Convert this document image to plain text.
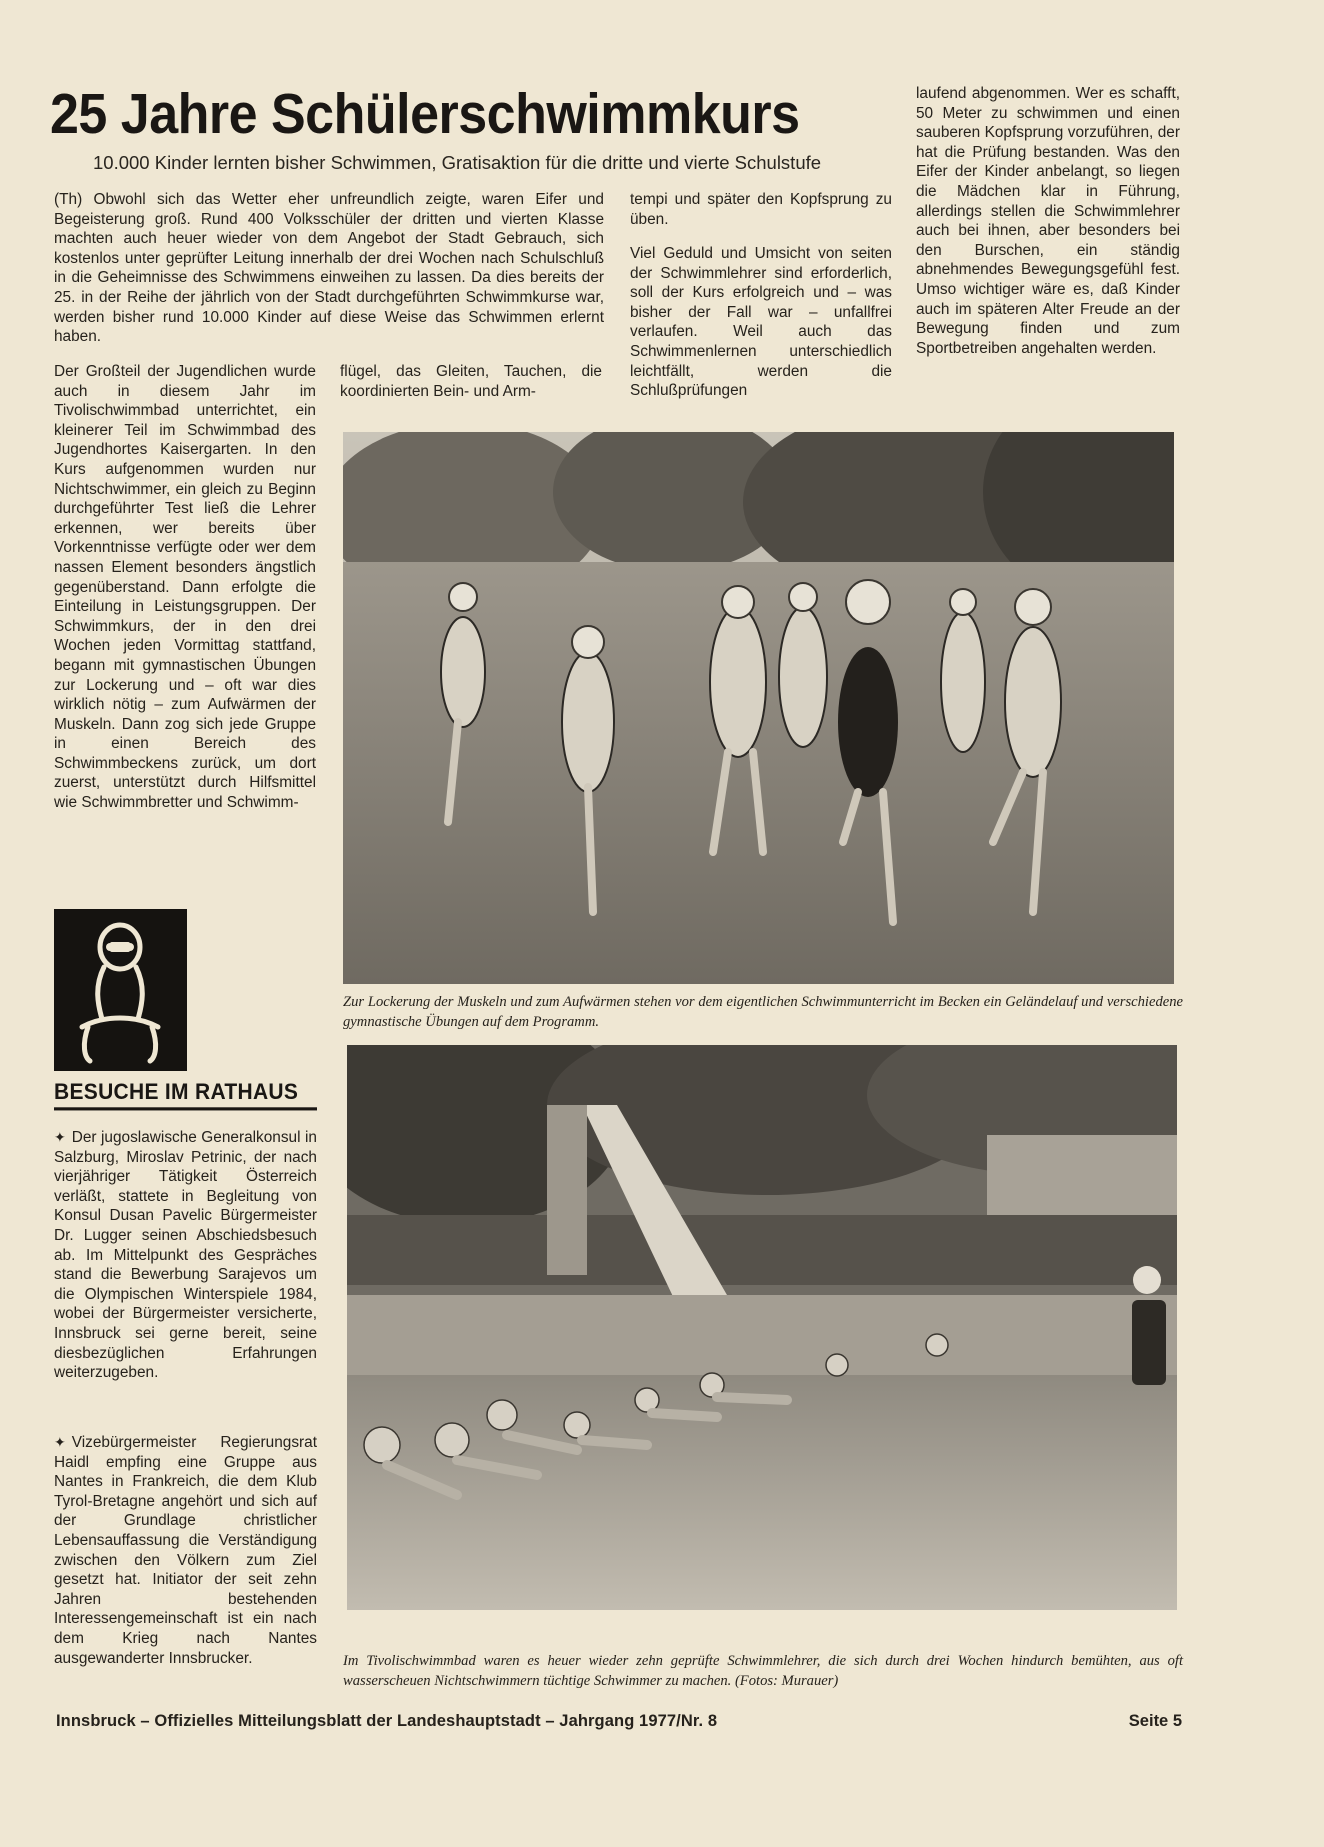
25 Jahre Schülerschwimmkurs

10.000 Kinder lernten bisher Schwimmen, Gratisaktion für die dritte und vierte Schulstufe

(Th) Obwohl sich das Wetter eher unfreundlich zeigte, waren Eifer und Begeisterung groß. Rund 400 Volksschüler der dritten und vierten Klasse machten auch heuer wieder von dem Angebot der Stadt Gebrauch, sich kostenlos unter geprüfter Leitung innerhalb der drei Wochen nach Schulschluß in die Geheimnisse des Schwimmens einweihen zu lassen. Da dies bereits der 25. in der Reihe der jährlich von der Stadt durchgeführten Schwimmkurse war, werden bisher rund 10.000 Kinder auf diese Weise das Schwimmen erlernt haben.

Der Großteil der Jugendlichen wurde auch in diesem Jahr im Tivolischwimmbad unterrichtet, ein kleinerer Teil im Schwimmbad des Jugendhortes Kaisergarten. In den Kurs aufgenommen wurden nur Nichtschwimmer, ein gleich zu Beginn durchgeführter Test ließ die Lehrer erkennen, wer bereits über Vorkenntnisse verfügte oder wer dem nassen Element besonders ängstlich gegenüberstand. Dann erfolgte die Einteilung in Leistungsgruppen. Der Schwimmkurs, der in den drei Wochen jeden Vormittag stattfand, begann mit gymnastischen Übungen zur Lockerung und – oft war dies wirklich nötig – zum Aufwärmen der Muskeln. Dann zog sich jede Gruppe in einen Bereich des Schwimmbeckens zurück, um dort zuerst, unterstützt durch Hilfsmittel wie Schwimmbretter und Schwimm-

flügel, das Gleiten, Tauchen, die koordinierten Bein- und Arm-

tempi und später den Kopfsprung zu üben.

Viel Geduld und Umsicht von seiten der Schwimmlehrer sind erforderlich, soll der Kurs erfolgreich und – was bisher der Fall war – unfallfrei verlaufen. Weil auch das Schwimmenlernen unterschiedlich leichtfällt, werden die Schlußprüfungen

laufend abgenommen. Wer es schafft, 50 Meter zu schwimmen und einen sauberen Kopfsprung vorzuführen, der hat die Prüfung bestanden. Was den Eifer der Kinder anbelangt, so liegen die Mädchen klar in Führung, allerdings stellen die Schwimmlehrer auch bei ihnen, aber besonders bei den Burschen, ein ständig abnehmendes Bewegungsgefühl fest. Umso wichtiger wäre es, daß Kinder auch im späteren Alter Freude an der Bewegung finden und zum Sportbetreiben angehalten werden.

Zur Lockerung der Muskeln und zum Aufwärmen stehen vor dem eigentlichen Schwimmunterricht im Becken ein Geländelauf und verschiedene gymnastische Übungen auf dem Programm.

Im Tivolischwimmbad waren es heuer wieder zehn geprüfte Schwimmlehrer, die sich durch drei Wochen hindurch bemühten, aus oft wasserscheuen Nichtschwimmern tüchtige Schwimmer zu machen. (Fotos: Murauer)

BESUCHE IM RATHAUS

✦ Der jugoslawische Generalkonsul in Salzburg, Miroslav Petrinic, der nach vierjähriger Tätigkeit Österreich verläßt, stattete in Begleitung von Konsul Dusan Pavelic Bürgermeister Dr. Lugger seinen Abschiedsbesuch ab. Im Mittelpunkt des Gespräches stand die Bewerbung Sarajevos um die Olympischen Winterspiele 1984, wobei der Bürgermeister versicherte, Innsbruck sei gerne bereit, seine diesbezüglichen Erfahrungen weiterzugeben.

✦ Vizebürgermeister Regierungsrat Haidl empfing eine Gruppe aus Nantes in Frankreich, die dem Klub Tyrol-Bretagne angehört und sich auf der Grundlage christlicher Lebensauffassung die Verständigung zwischen den Völkern zum Ziel gesetzt hat. Initiator der seit zehn Jahren bestehenden Interessengemeinschaft ist ein nach dem Krieg nach Nantes ausgewanderter Innsbrucker.

Innsbruck – Offizielles Mitteilungsblatt der Landeshauptstadt – Jahrgang 1977/Nr. 8	Seite 5
